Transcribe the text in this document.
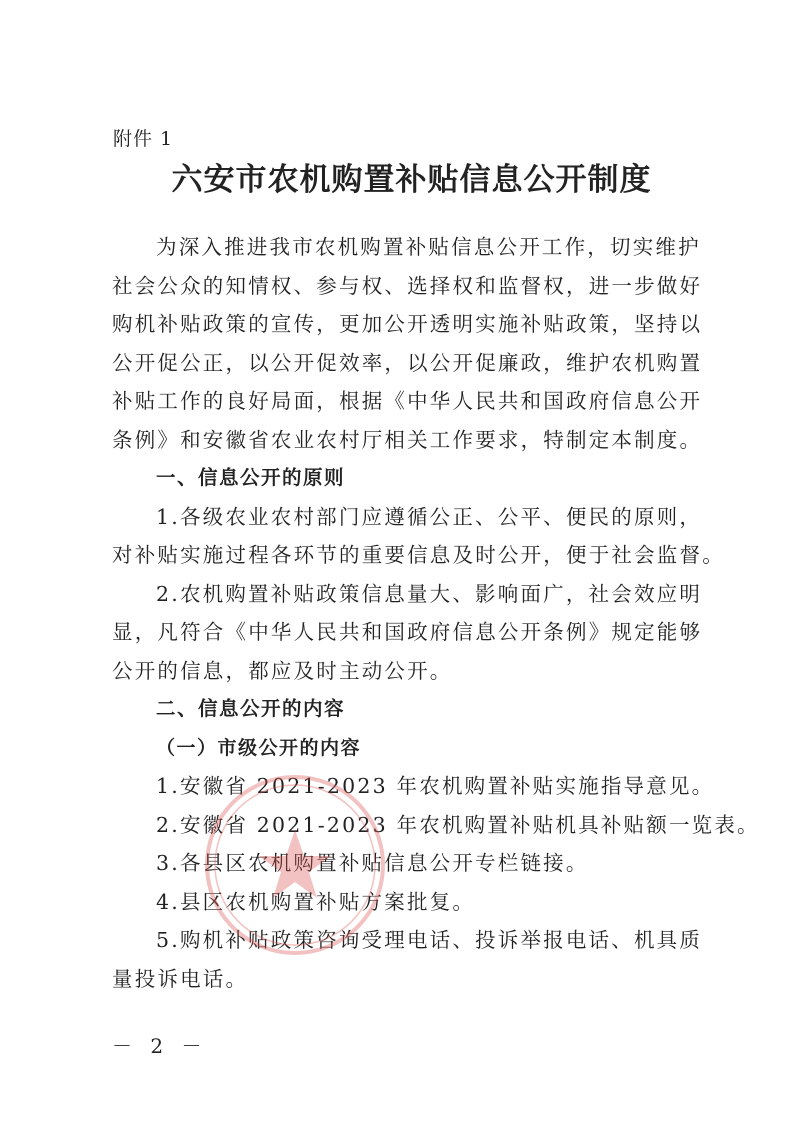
附件 1
六安市农机购置补贴信息公开制度
为深入推进我市农机购置补贴信息公开工作，切实维护
社会公众的知情权、参与权、选择权和监督权，进一步做好
购机补贴政策的宣传，更加公开透明实施补贴政策，坚持以
公开促公正，以公开促效率，以公开促廉政，维护农机购置
补贴工作的良好局面，根据《中华人民共和国政府信息公开
条例》和安徽省农业农村厅相关工作要求，特制定本制度。
一、信息公开的原则
1.各级农业农村部门应遵循公正、公平、便民的原则，
对补贴实施过程各环节的重要信息及时公开，便于社会监督。
2.农机购置补贴政策信息量大、影响面广，社会效应明
显，凡符合《中华人民共和国政府信息公开条例》规定能够
公开的信息，都应及时主动公开。
二、信息公开的内容
（一）市级公开的内容
1.安徽省 2021-2023 年农机购置补贴实施指导意见。
2.安徽省 2021-2023 年农机购置补贴机具补贴额一览表。
3.各县区农机购置补贴信息公开专栏链接。
4.县区农机购置补贴方案批复。
5.购机补贴政策咨询受理电话、投诉举报电话、机具质
量投诉电话。
－ 2 －
